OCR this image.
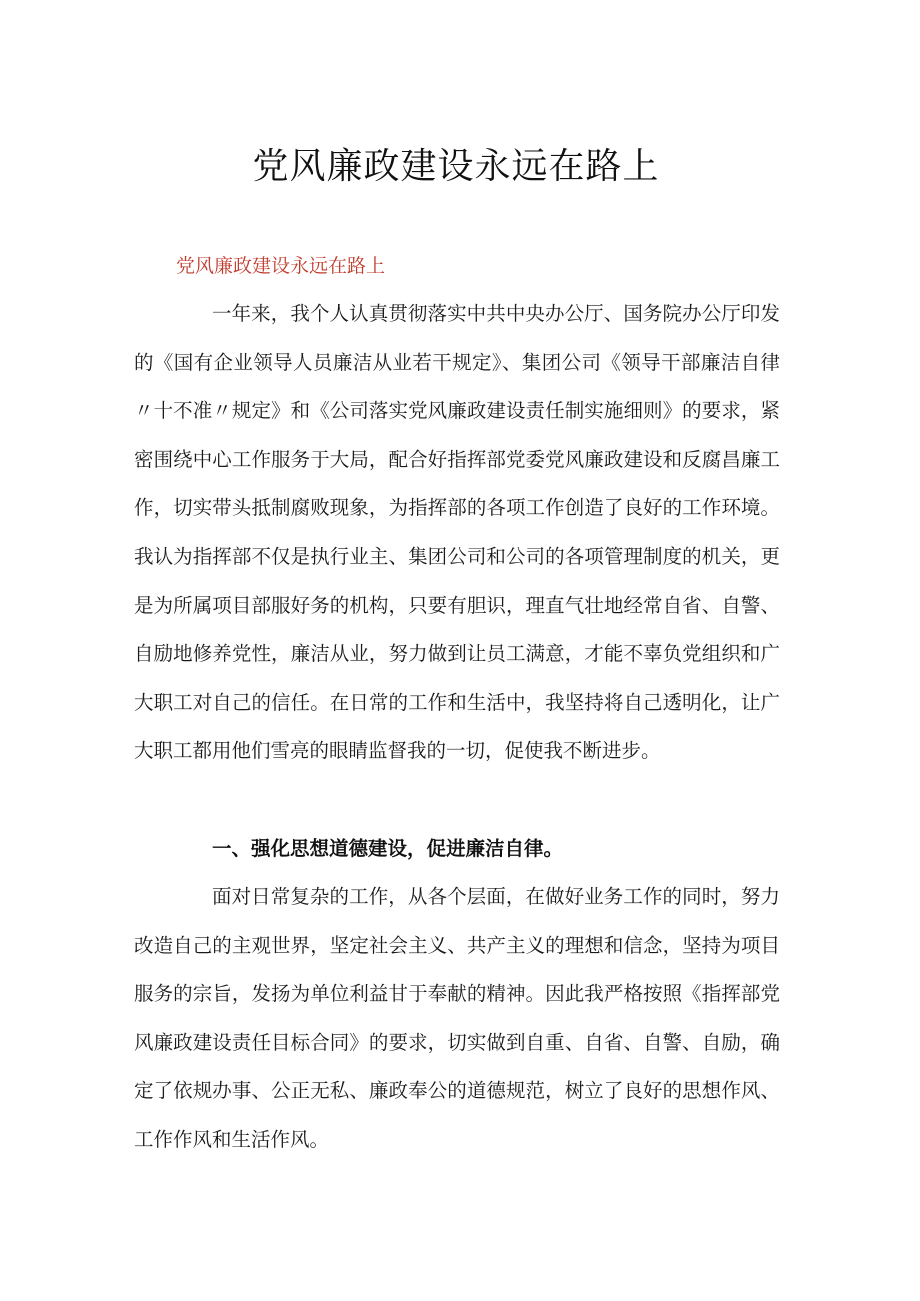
党风廉政建设永远在路上

党风廉政建设永远在路上

一年来，我个人认真贯彻落实中共中央办公厅、国务院办公厅印发的《国有企业领导人员廉洁从业若干规定》、集团公司《领导干部廉洁自律〃十不准〃规定》和《公司落实党风廉政建设责任制实施细则》的要求，紧密围绕中心工作服务于大局，配合好指挥部党委党风廉政建设和反腐昌廉工作，切实带头抵制腐败现象，为指挥部的各项工作创造了良好的工作环境。我认为指挥部不仅是执行业主、集团公司和公司的各项管理制度的机关，更是为所属项目部服好务的机构，只要有胆识，理直气壮地经常自省、自警、自励地修养党性，廉洁从业，努力做到让员工满意，才能不辜负党组织和广大职工对自己的信任。在日常的工作和生活中，我坚持将自己透明化，让广大职工都用他们雪亮的眼睛监督我的一切，促使我不断进步。

一、强化思想道德建设，促进廉洁自律。

面对日常复杂的工作，从各个层面，在做好业务工作的同时，努力改造自己的主观世界，坚定社会主义、共产主义的理想和信念，坚持为项目服务的宗旨，发扬为单位利益甘于奉献的精神。因此我严格按照《指挥部党风廉政建设责任目标合同》的要求，切实做到自重、自省、自警、自励，确定了依规办事、公正无私、廉政奉公的道德规范，树立了良好的思想作风、工作作风和生活作风。
